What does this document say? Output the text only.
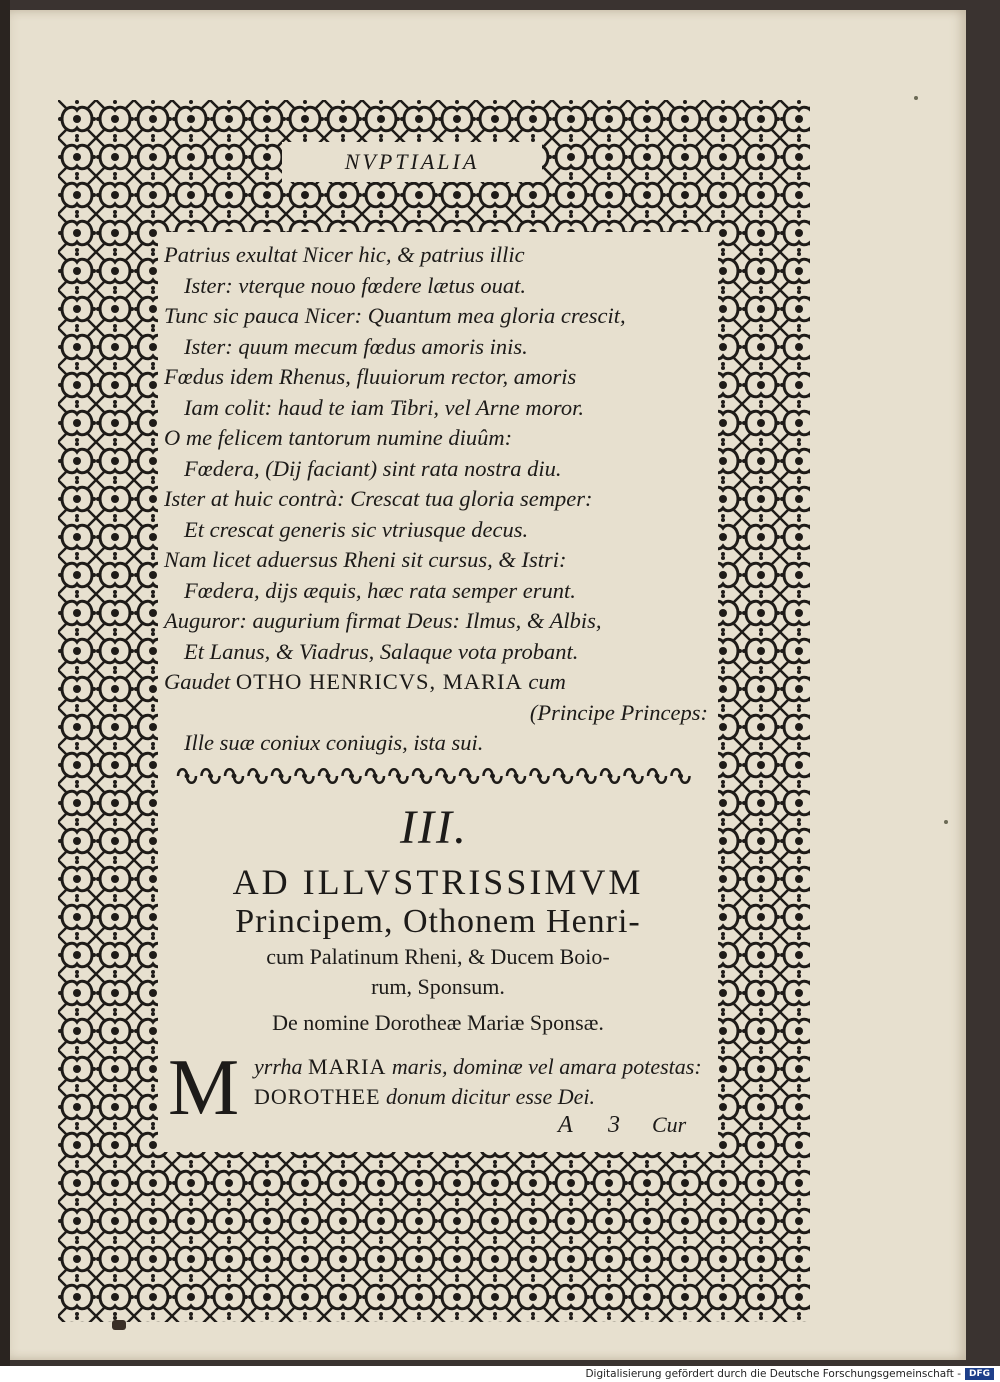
NVPTIALIA
Patrius exultat Nicer hic, & patrius illic
Ister: vterque nouo fœdere lætus ouat.
Tunc sic pauca Nicer: Quantum mea gloria crescit,
Ister: quum mecum fœdus amoris inis.
Fœdus idem Rhenus, fluuiorum rector, amoris
Iam colit: haud te iam Tibri, vel Arne moror.
O me felicem tantorum numine diuûm:
Fœdera, (Dij faciant) sint rata nostra diu.
Ister at huic contrà: Crescat tua gloria semper:
Et crescat generis sic vtriusque decus.
Nam licet aduersus Rheni sit cursus, & Istri:
Fœdera, dijs æquis, hæc rata semper erunt.
Auguror: augurium firmat Deus: Ilmus, & Albis,
Et Lanus, & Viadrus, Salaque vota probant.
Gaudet OTHO HENRICVS, MARIA cum
(Principe Princeps:
Ille suæ coniux coniugis, ista sui.
III.
AD ILLVSTRISSIMVM
Principem, Othonem Henri-
cum Palatinum Rheni, & Ducem Boio-
rum, Sponsum.
De nomine Dorotheæ Mariæ Sponsæ.
M yrrha MARIA maris, dominæ vel amara potestas:
DOROTHEE donum dicitur esse Dei.
A 3 Cur
Digitalisierung gefördert durch die Deutsche Forschungsgemeinschaft - DFG
